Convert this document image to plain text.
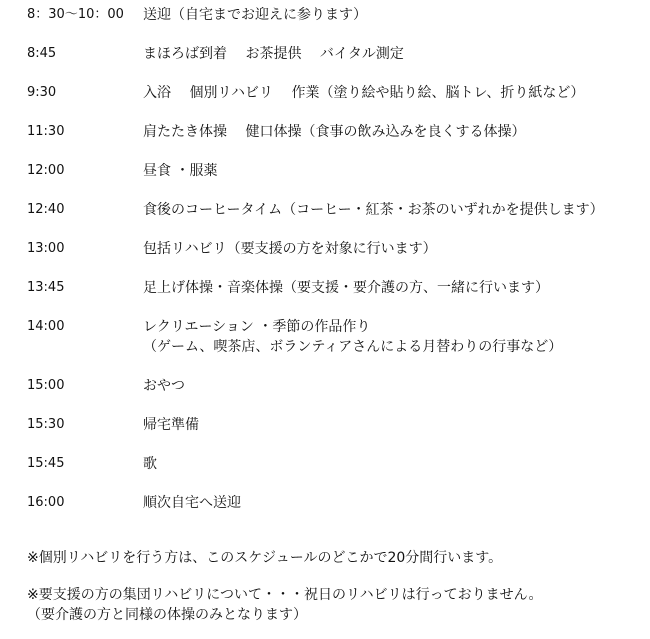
8：30～10：00 送迎（自宅までお迎えに参ります）
8:45	まほろば到着　 お茶提供　 バイタル測定
9:30	入浴　 個別リハビリ　 作業（塗り絵や貼り絵、脳トレ、折り紙など）
11:30	肩たたき体操　 健口体操（食事の飲み込みを良くする体操）
12:00	昼食 ・服薬
12:40	食後のコーヒータイム（コーヒー・紅茶・お茶のいずれかを提供します）
13:00	包括リハビリ（要支援の方を対象に行います）
13:45	足上げ体操・音楽体操（要支援・要介護の方、一緒に行います）
14:00	レクリエーション ・季節の作品作り
（ゲーム、喫茶店、ボランティアさんによる月替わりの行事など）
15:00	おやつ
15:30	帰宅準備
15:45	歌
16:00	順次自宅へ送迎
※個別リハビリを行う方は、このスケジュールのどこかで20分間行います。
※要支援の方の集団リハビリについて・・・祝日のリハビリは行っておりません。
（要介護の方と同様の体操のみとなります）
